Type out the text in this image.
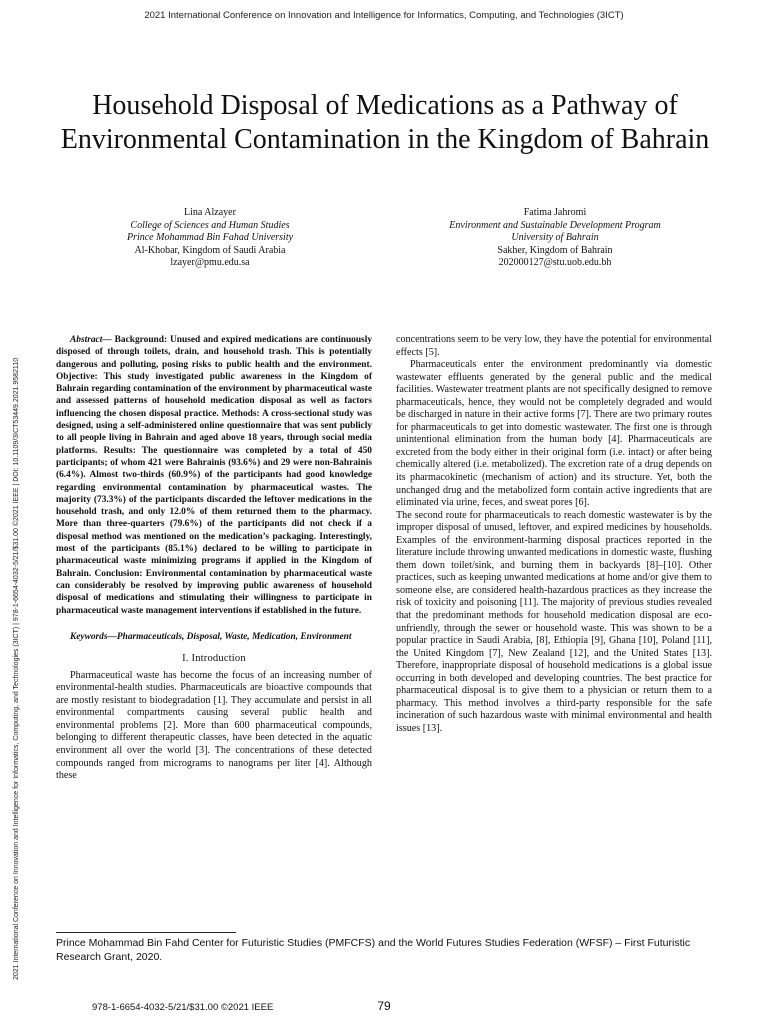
2021 International Conference on Innovation and Intelligence for Informatics, Computing, and Technologies (3ICT)
2021 International Conference on Innovation and Intelligence for Informatics, Computing, and Technologies (3ICT) | 978-1-6654-4032-5/21/$31.00 ©2021 IEEE | DOI: 10.1109/3ICT53449.2021.9582110
Household Disposal of Medications as a Pathway of Environmental Contamination in the Kingdom of Bahrain
Lina Alzayer
College of Sciences and Human Studies
Prince Mohammad Bin Fahad University
Al-Khobar, Kingdom of Saudi Arabia
lzayer@pmu.edu.sa
Fatima Jahromi
Environment and Sustainable Development Program
University of Bahrain
Sakher, Kingdom of Bahrain
202000127@stu.uob.edu.bh

Abstract— Background: Unused and expired medications are continuously disposed of through toilets, drain, and household trash. This is potentially dangerous and polluting, posing risks to public health and the environment. Objective: This study investigated public awareness in the Kingdom of Bahrain regarding contamination of the environment by pharmaceutical waste and assessed patterns of household medication disposal as well as factors influencing the chosen disposal practice. Methods: A cross-sectional study was designed, using a self-administered online questionnaire that was sent publicly to all people living in Bahrain and aged above 18 years, through social media platforms. Results: The questionnaire was completed by a total of 450 participants; of whom 421 were Bahrainis (93.6%) and 29 were non-Bahrainis (6.4%). Almost two-thirds (60.9%) of the participants had good knowledge regarding environmental contamination by pharmaceutical wastes. The majority (73.3%) of the participants discarded the leftover medications in the household trash, and only 12.0% of them returned them to the pharmacy. More than three-quarters (79.6%) of the participants did not check if a disposal method was mentioned on the medication’s packaging. Interestingly, most of the participants (85.1%) declared to be willing to participate in pharmaceutical waste minimizing programs if applied in the Kingdom of Bahrain. Conclusion: Environmental contamination by pharmaceutical waste can considerably be resolved by improving public awareness of household disposal of medications and stimulating their willingness to participate in pharmaceutical waste management interventions if established in the future.

Keywords—Pharmaceuticals, Disposal, Waste, Medication, Environment

I. Introduction

Pharmaceutical waste has become the focus of an increasing number of environmental-health studies. Pharmaceuticals are bioactive compounds that are mostly resistant to biodegradation [1]. They accumulate and persist in all environmental compartments causing several public health and environmental problems [2]. More than 600 pharmaceutical compounds, belonging to different therapeutic classes, have been detected in the aquatic environment all over the world [3]. The concentrations of these detected compounds ranged from micrograms to nanograms per liter [4]. Although these

concentrations seem to be very low, they have the potential for environmental effects [5].

Pharmaceuticals enter the environment predominantly via domestic wastewater effluents generated by the general public and the medical facilities. Wastewater treatment plants are not specifically designed to remove pharmaceuticals, hence, they would not be completely degraded and would be discharged in nature in their active forms [7]. There are two primary routes for pharmaceuticals to get into domestic wastewater. The first one is through unintentional elimination from the human body [4]. Pharmaceuticals are excreted from the body either in their original form (i.e. intact) or after being chemically altered (i.e. metabolized). The excretion rate of a drug depends on its pharmacokinetic (mechanism of action) and its structure. Yet, both the unchanged drug and the metabolized form contain active ingredients that are eliminated via urine, feces, and sweat pores [6].

The second route for pharmaceuticals to reach domestic wastewater is by the improper disposal of unused, leftover, and expired medicines by households. Examples of the environment-harming disposal practices reported in the literature include throwing unwanted medications in domestic waste, flushing them down toilet/sink, and burning them in backyards [8]–[10]. Other practices, such as keeping unwanted medications at home and/or give them to someone else, are considered health-hazardous practices as they increase the risk of toxicity and poisoning [11]. The majority of previous studies revealed that the predominant methods for household medication disposal are eco-unfriendly, through the sewer or household waste. This was shown to be a popular practice in Saudi Arabia, [8], Ethiopia [9], Ghana [10], Poland [11], the United Kingdom [7], New Zealand [12], and the United States [13]. Therefore, inappropriate disposal of household medications is a global issue occurring in both developed and developing countries. The best practice for pharmaceutical disposal is to give them to a physician or return them to a pharmacy. This method involves a third-party responsible for the safe incineration of such hazardous waste with minimal environmental and health issues [13].

Prince Mohammad Bin Fahd Center for Futuristic Studies (PMFCFS) and the World Futures Studies Federation (WFSF) – First Futuristic Research Grant, 2020.
978-1-6654-4032-5/21/$31.00 ©2021 IEEE	79
